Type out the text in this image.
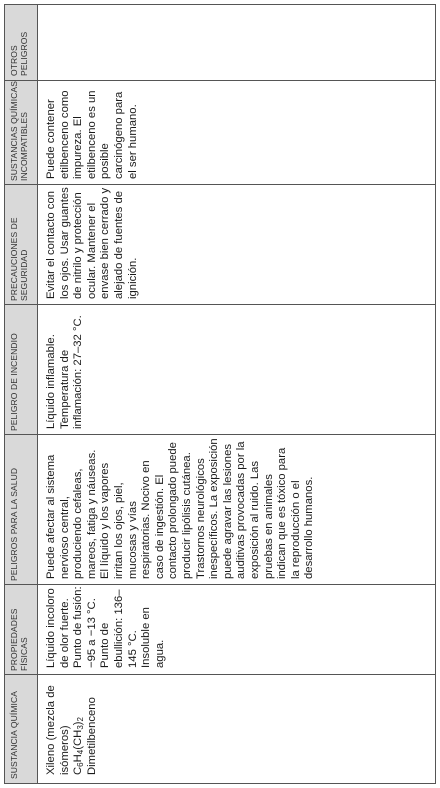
SUSTANCIA QUÍMICA
PROPIEDADES FÍSICAS
PELIGROS PARA LA SALUD
PELIGRO DE INCENDIO
PRECAUCIONES DE SEGURIDAD
SUSTANCIAS QUÍMICAS INCOMPATIBLES
OTROS PELIGROS
Xileno (mezcla de isómeros) $C_6H_4(CH_3)_2$ Dimetilbenceno
Líquido incoloro de olor fuerte. Punto de fusión: −95 a −13 °C. Punto de ebullición: 136–145 °C. Insoluble en agua.
Puede afectar al sistema nervioso central, produciendo cefaleas, mareos, fatiga y náuseas. El líquido y los vapores irritan los ojos, piel, mucosas y vías respiratorias. Nocivo en caso de ingestión. El contacto prolongado puede producir lipólisis cutánea. Trastornos neurológicos inespecíficos. La exposición puede agravar las lesiones auditivas provocadas por la exposición al ruido. Las pruebas en animales indican que es tóxico para la reproducción o el desarrollo humanos.
Líquido inflamable. Temperatura de inflamación: 27–32 °C.
Evitar el contacto con los ojos. Usar guantes de nitrilo y protección ocular. Mantener el envase bien cerrado y alejado de fuentes de ignición.
Puede contener etilbenceno como impureza. El etilbenceno es un posible carcinógeno para el ser humano.
